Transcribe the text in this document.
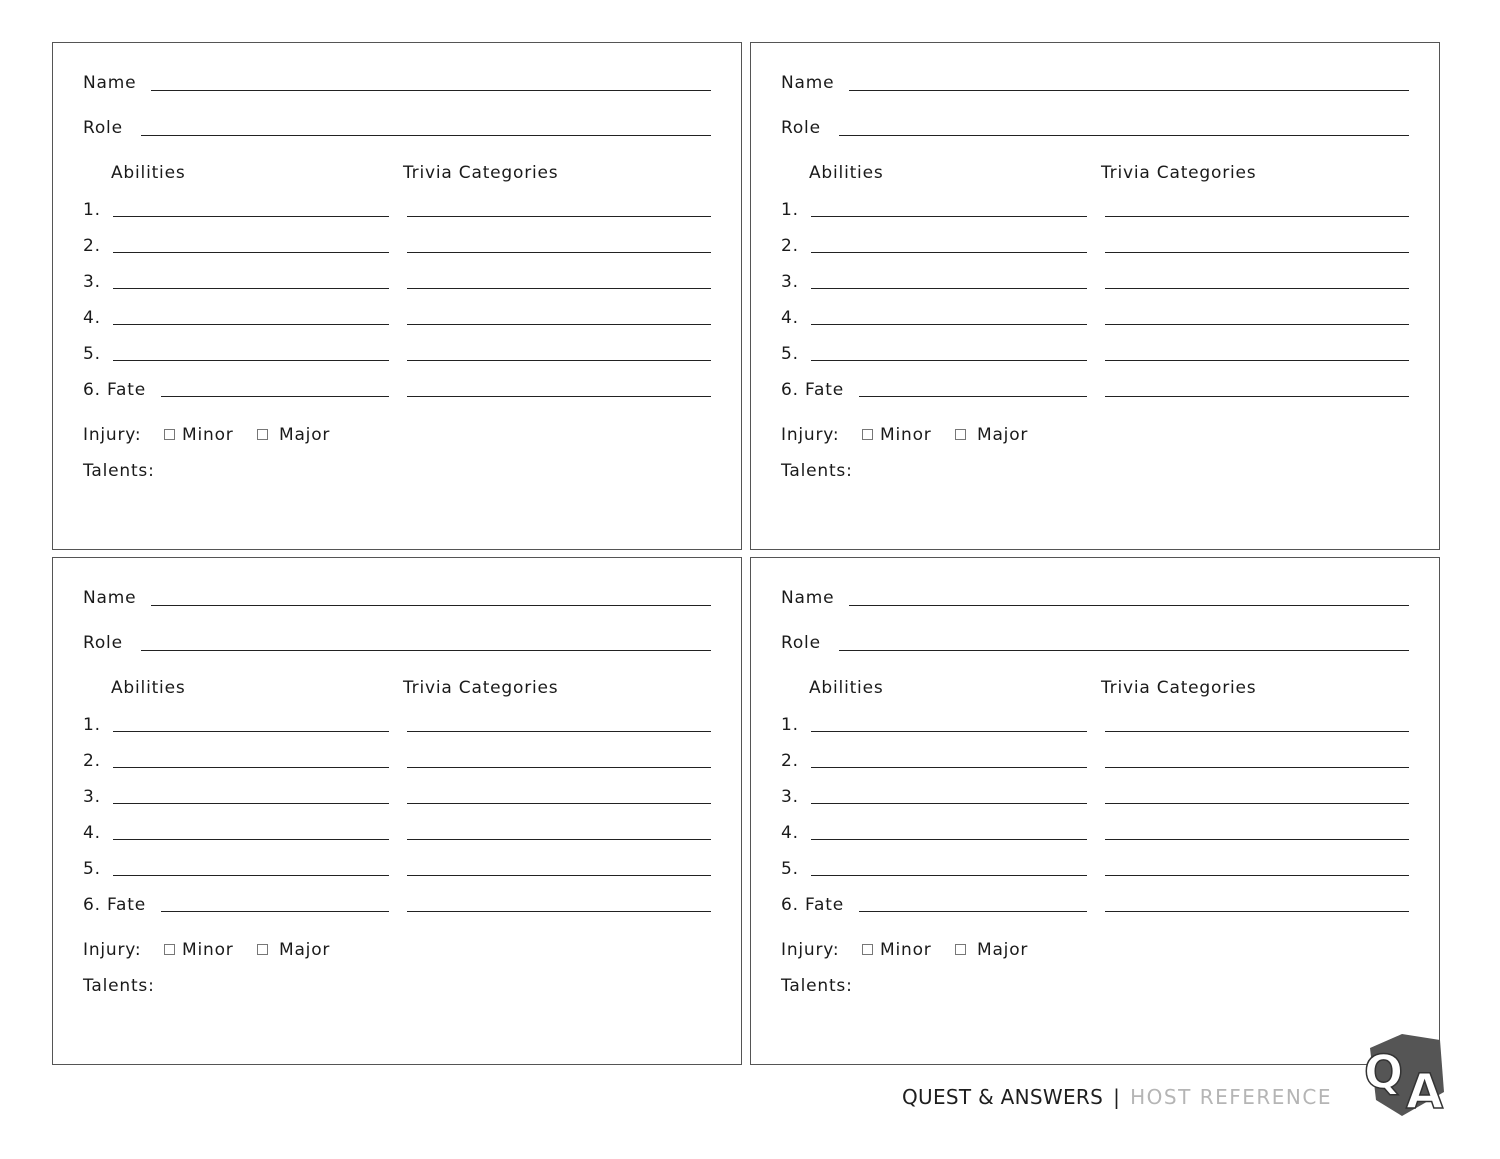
Name
Role
Abilities	Trivia Categories
1.
2.
3.
4.
5.
6. Fate
Injury: Minor	Major
Talents:
Name
Role
Abilities	Trivia Categories
1.
2.
3.
4.
5.
6. Fate
Injury: Minor	Major
Talents:
Name
Role
Abilities	Trivia Categories
1.
2.
3.
4.
5.
6. Fate
Injury: Minor	Major
Talents:
Name
Role
Abilities	Trivia Categories
1.
2.
3.
4.
5.
6. Fate
Injury: Minor	Major
Talents:
QUEST & ANSWERS | HOST REFERENCE Q A
